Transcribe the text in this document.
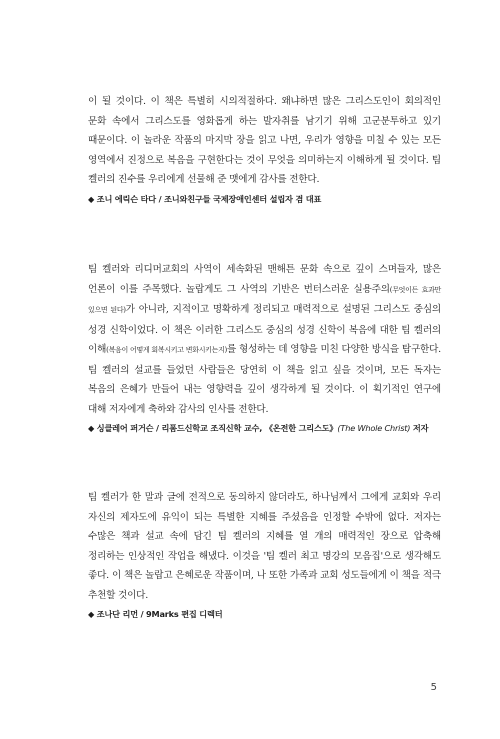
이 될 것이다. 이 책은 특별히 시의적절하다. 왜냐하면 많은 그리스도인이 회의적인 문화 속에서 그리스도를 영화롭게 하는 발자취를 남기기 위해 고군분투하고 있기 때문이다. 이 놀라운 작품의 마지막 장을 읽고 나면, 우리가 영향을 미칠 수 있는 모든 영역에서 진정으로 복음을 구현한다는 것이 무엇을 의미하는지 이해하게 될 것이다. 팀 켈러의 진수를 우리에게 선물해 준 맷에게 감사를 전한다.

◆ 조니 에릭슨 타다 / 조니와친구들 국제장애인센터 설립자 겸 대표

팀 켈러와 리디머교회의 사역이 세속화된 맨해튼 문화 속으로 깊이 스며들자, 많은 언론이 이를 주목했다. 놀랍게도 그 사역의 기반은 번터스러운 실용주의(무엇이든 효과만 있으면 된다)가 아니라, 지적이고 명확하게 정리되고 매력적으로 설명된 그리스도 중심의 성경 신학이었다. 이 책은 이러한 그리스도 중심의 성경 신학이 복음에 대한 팀 켈러의 이해(복음이 어떻게 회복시키고 변화시키는지)를 형성하는 데 영향을 미친 다양한 방식을 탐구한다. 팀 켈러의 설교를 들었던 사람들은 당연히 이 책을 읽고 싶을 것이며, 모든 독자는 복음의 은혜가 만들어 내는 영향력을 깊이 생각하게 될 것이다. 이 획기적인 연구에 대해 저자에게 축하와 감사의 인사를 전한다.

◆ 싱클레어 퍼거슨 / 리폼드신학교 조직신학 교수, 《온전한 그리스도》(The Whole Christ) 저자

팀 켈러가 한 말과 글에 전적으로 동의하지 않더라도, 하나님께서 그에게 교회와 우리 자신의 제자도에 유익이 되는 특별한 지혜를 주셨음을 인정할 수밖에 없다. 저자는 수많은 책과 설교 속에 담긴 팀 켈러의 지혜를 열 개의 매력적인 장으로 압축해 정리하는 인상적인 작업을 해냈다. 이것을 '팀 켈러 최고 명강의 모음집'으로 생각해도 좋다. 이 책은 놀랍고 은혜로운 작품이며, 나 또한 가족과 교회 성도들에게 이 책을 적극 추천할 것이다.

◆ 조나단 리먼 / 9Marks 편집 디렉터
5
